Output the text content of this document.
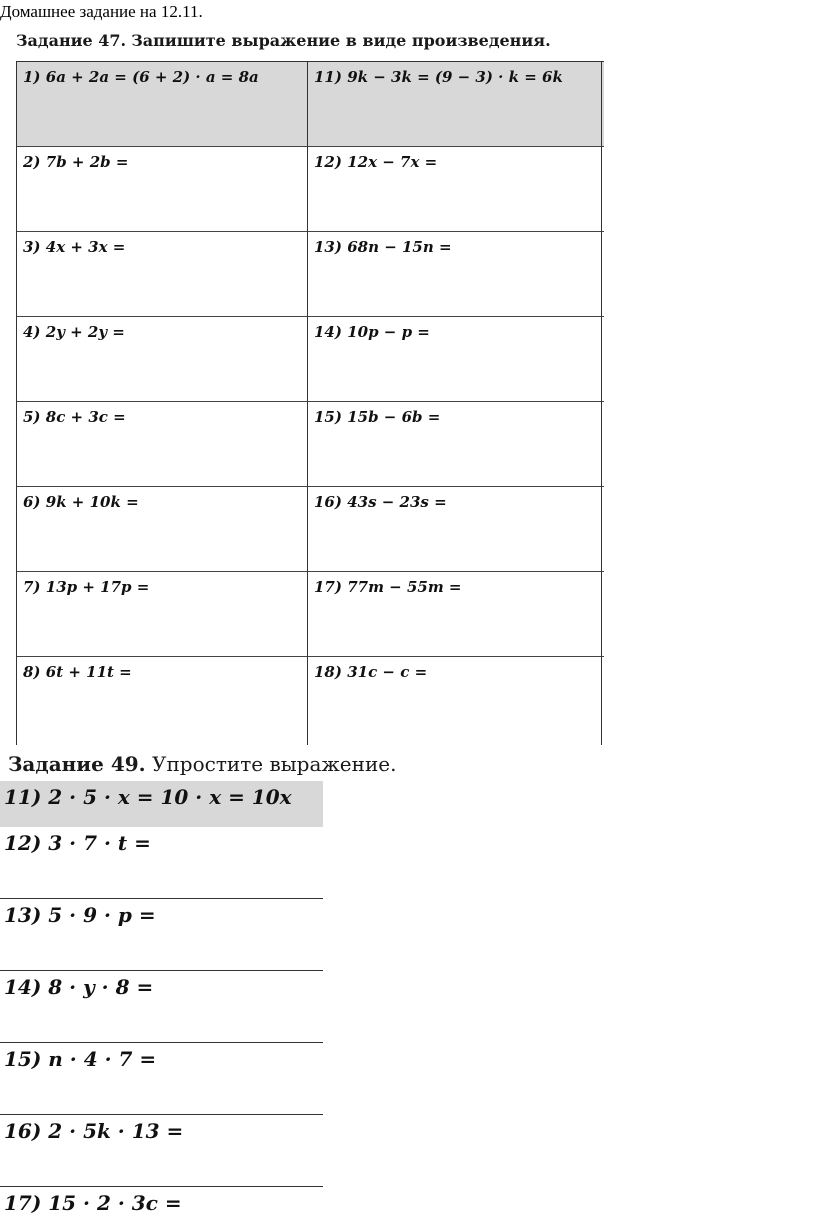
Домашнее задание на 12.11.
Задание 47. Запишите выражение в виде произведения.
1) 6a + 2a = (6 + 2) · a = 8a	11) 9k − 3k = (9 − 3) · k = 6k
2) 7b + 2b =	12) 12x − 7x =
3) 4x + 3x =	13) 68n − 15n =
4) 2y + 2y =	14) 10p − p =
5) 8c + 3c =	15) 15b − 6b =
6) 9k + 10k =	16) 43s − 23s =
7) 13p + 17p =	17) 77m − 55m =
8) 6t + 11t =	18) 31c − c =
Задание 49. Упростите выражение.
11) 2 · 5 · x = 10 · x = 10x
12) 3 · 7 · t =
13) 5 · 9 · p =
14) 8 · y · 8 =
15) n · 4 · 7 =
16) 2 · 5k · 13 =
17) 15 · 2 · 3c =
